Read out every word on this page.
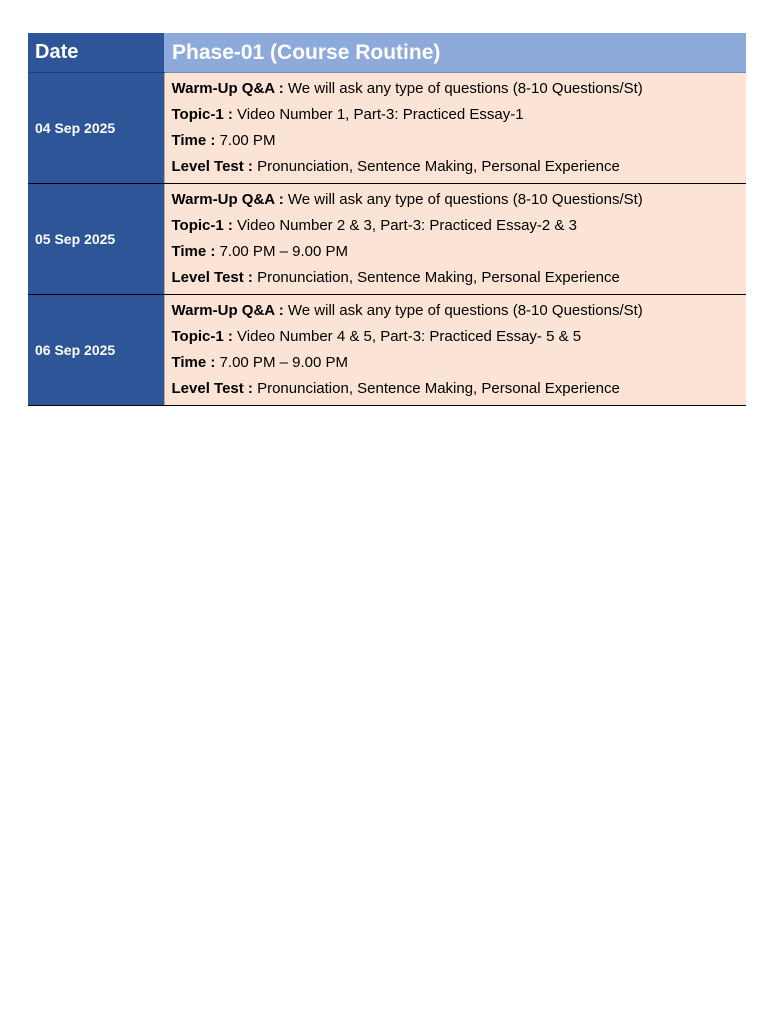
Date	Phase-01 (Course Routine)
04 Sep 2025	Warm-Up Q&A : We will ask any type of questions (8-10 Questions/St)
Topic-1 : Video Number 1, Part-3: Practiced Essay-1
Time : 7.00 PM
Level Test : Pronunciation, Sentence Making, Personal Experience

05 Sep 2025	Warm-Up Q&A : We will ask any type of questions (8-10 Questions/St)
Topic-1 : Video Number 2 & 3, Part-3: Practiced Essay-2 & 3
Time : 7.00 PM – 9.00 PM
Level Test : Pronunciation, Sentence Making, Personal Experience

06 Sep 2025	Warm-Up Q&A : We will ask any type of questions (8-10 Questions/St)
Topic-1 : Video Number 4 & 5, Part-3: Practiced Essay- 5 & 5
Time : 7.00 PM – 9.00 PM
Level Test : Pronunciation, Sentence Making, Personal Experience
